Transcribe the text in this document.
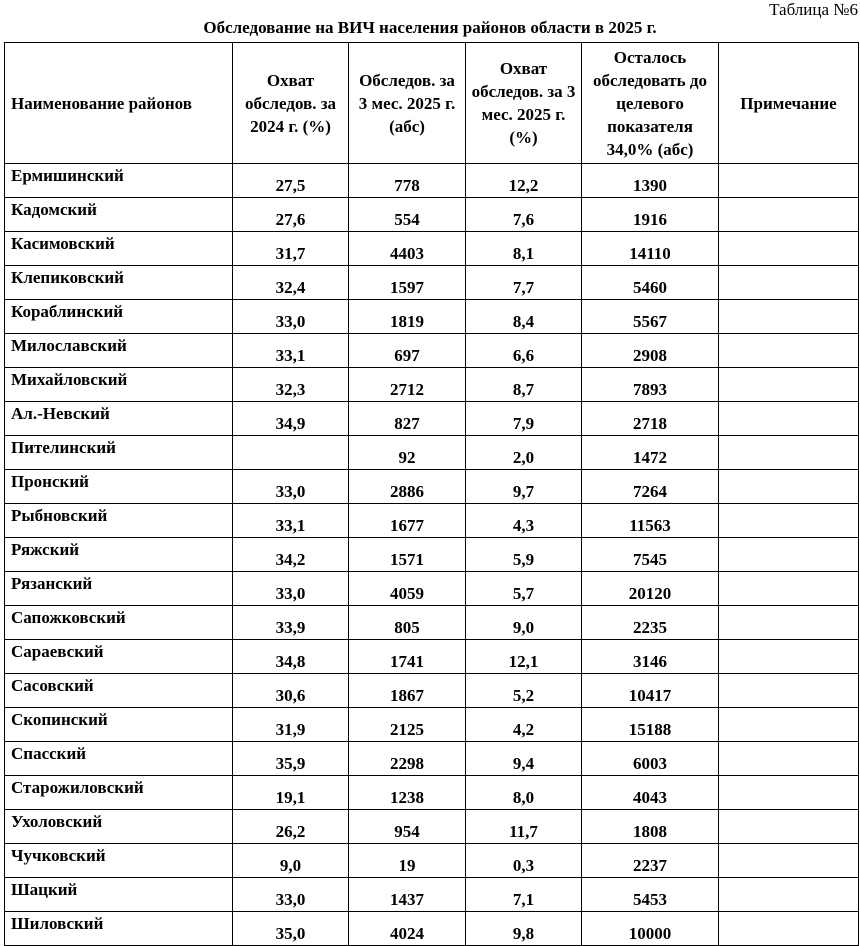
Таблица №6
Обследование на ВИЧ населения районов области в 2025 г.
Наименование районов	Охват обследов. за 2024 г. (%)	Обследов. за 3 мес. 2025 г. (абс)	Охват обследов. за 3 мес. 2025 г. (%)	Осталось обследовать до целевого показателя 34,0% (абс)	Примечание
Ермишинский	27,5	778	12,2	1390	
Кадомский	27,6	554	7,6	1916	
Касимовский	31,7	4403	8,1	14110	
Клепиковский	32,4	1597	7,7	5460	
Кораблинский	33,0	1819	8,4	5567	
Милославский	33,1	697	6,6	2908	
Михайловский	32,3	2712	8,7	7893	
Ал.-Невский	34,9	827	7,9	2718	
Пителинский		92	2,0	1472	
Пронский	33,0	2886	9,7	7264	
Рыбновский	33,1	1677	4,3	11563	
Ряжский	34,2	1571	5,9	7545	
Рязанский	33,0	4059	5,7	20120	
Сапожковский	33,9	805	9,0	2235	
Сараевский	34,8	1741	12,1	3146	
Сасовский	30,6	1867	5,2	10417	
Скопинский	31,9	2125	4,2	15188	
Спасский	35,9	2298	9,4	6003	
Старожиловский	19,1	1238	8,0	4043	
Ухоловский	26,2	954	11,7	1808	
Чучковский	9,0	19	0,3	2237	
Шацкий	33,0	1437	7,1	5453	
Шиловский	35,0	4024	9,8	10000	
